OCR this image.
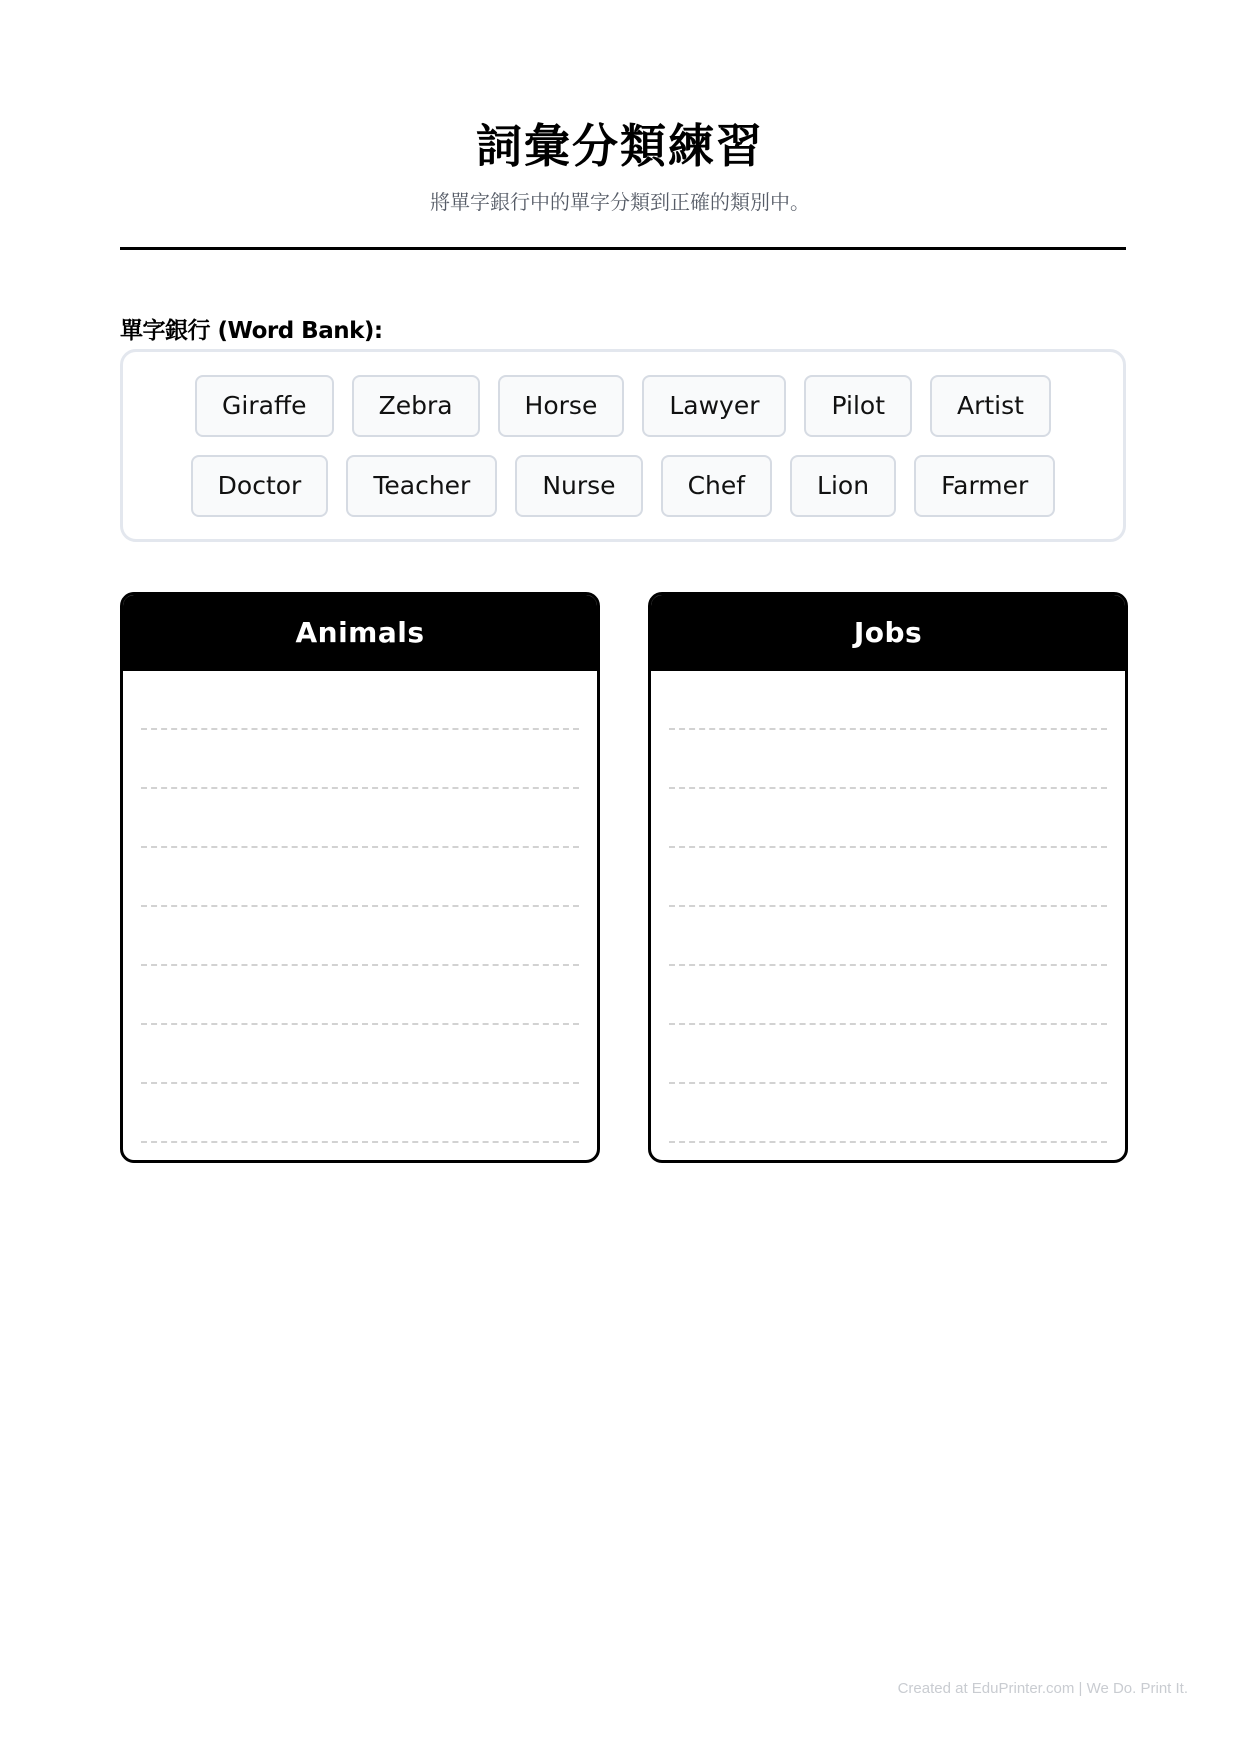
詞彙分類練習
將單字銀行中的單字分類到正確的類別中。
單字銀行 (Word Bank):
Giraffe	Zebra	Horse	Lawyer	Pilot	Artist
Doctor	Teacher	Nurse	Chef	Lion	Farmer
Animals	Jobs
Created at EduPrinter.com | We Do. Print It.
